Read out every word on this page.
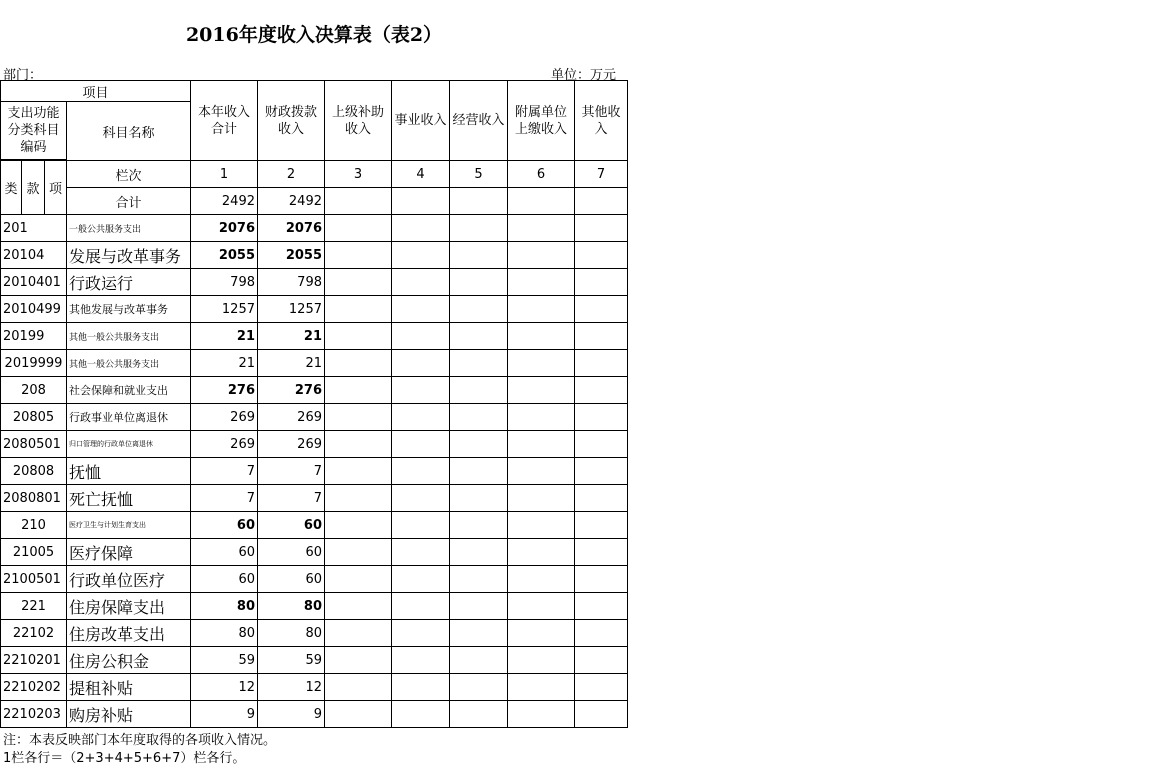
2016年度收入决算表（表2）
部门：	单位：万元
项目				本年收入合计	财政拨款收入	上级补助收入	事业收入	经营收入	附属单位上缴收入	其他收入
支出功能分类科目编码			科目名称							

类	款	项	栏次	1	2	3	4	5	6	7
			合计	2492	2492					
201			一般公共服务支出	2076	2076					
20104			发展与改革事务	2055	2055					
2010401			行政运行	798	798					
2010499			其他发展与改革事务	1257	1257					
20199			其他一般公共服务支出	21	21					
2019999			其他一般公共服务支出	21	21					
208			社会保障和就业支出	276	276					
20805			行政事业单位离退休	269	269					
2080501			归口管理的行政单位离退休	269	269					
20808			抚恤	7	7					
2080801			死亡抚恤	7	7					
210			医疗卫生与计划生育支出	60	60					
21005			医疗保障	60	60					
2100501			行政单位医疗	60	60					
221			住房保障支出	80	80					
22102			住房改革支出	80	80					
2210201			住房公积金	59	59					
2210202			提租补贴	12	12					
2210203			购房补贴	9	9					
注：本表反映部门本年度取得的各项收入情况。
1栏各行＝（2+3+4+5+6+7）栏各行。
